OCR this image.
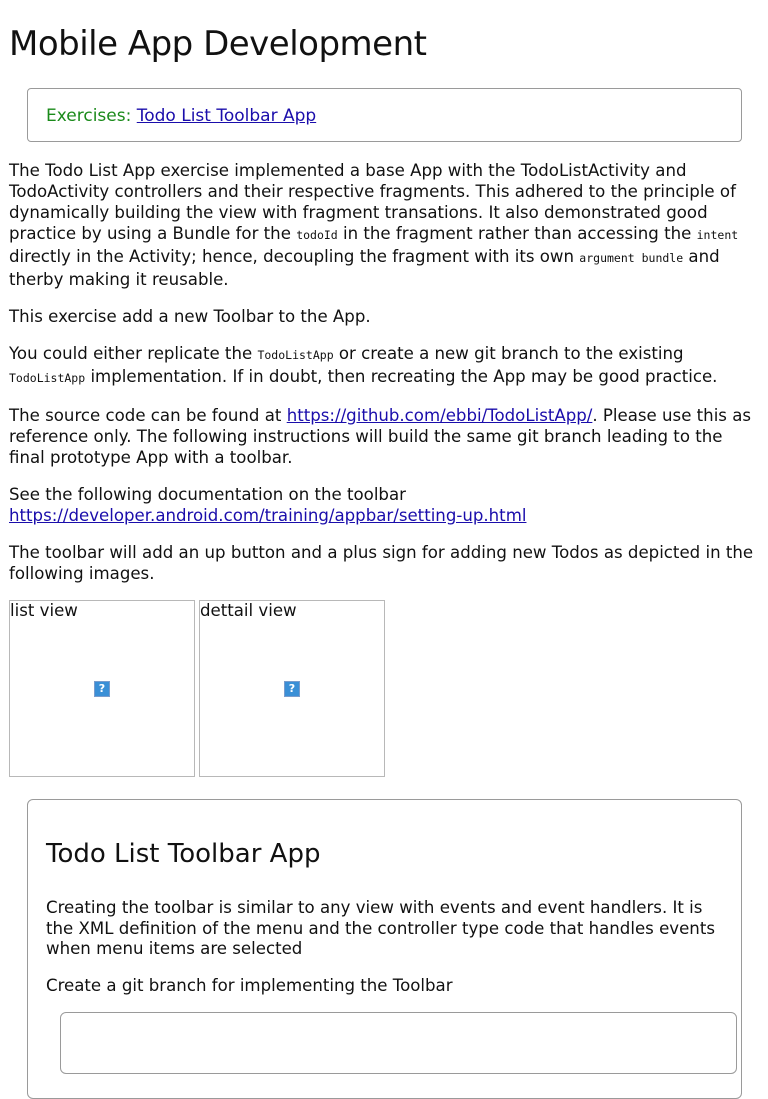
Mobile App Development
Exercises: Todo List Toolbar App

The Todo List App exercise implemented a base App with the TodoListActivity and TodoActivity controllers and their respective fragments. This adhered to the principle of dynamically building the view with fragment transations. It also demonstrated good practice by using a Bundle for the todoId in the fragment rather than accessing the intent directly in the Activity; hence, decoupling the fragment with its own argument bundle and therby making it reusable.

This exercise add a new Toolbar to the App.

You could either replicate the TodoListApp or create a new git branch to the existing TodoListApp implementation. If in doubt, then recreating the App may be good practice.

The source code can be found at https://github.com/ebbi/TodoListApp/. Please use this as reference only. The following instructions will build the same git branch leading to the final prototype App with a toolbar.

See the following documentation on the toolbar
https://developer.android.com/training/appbar/setting-up.html

The toolbar will add an up button and a plus sign for adding new Todos as depicted in the following images.

list view
?
dettail view
?
Todo List Toolbar App

Creating the toolbar is similar to any view with events and event handlers. It is the XML definition of the menu and the controller type code that handles events when menu items are selected

Create a git branch for implementing the Toolbar
